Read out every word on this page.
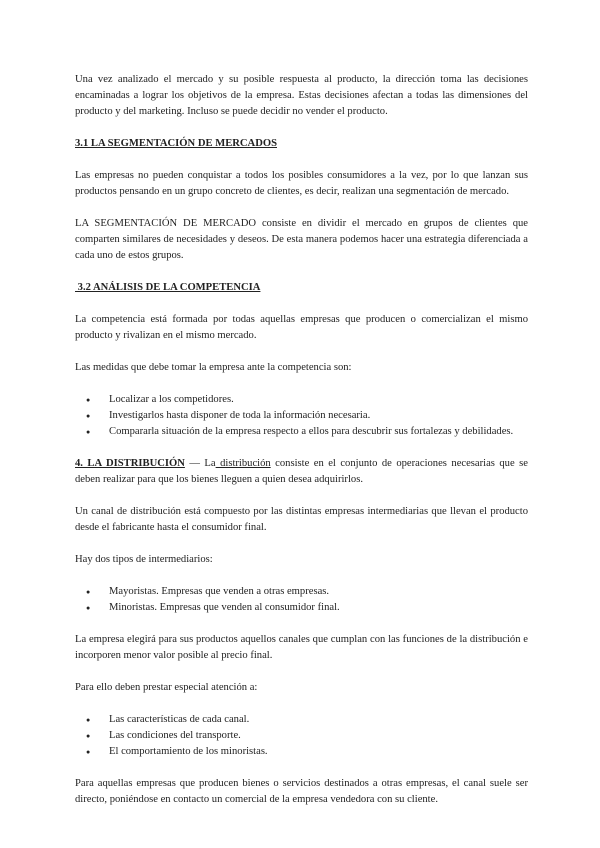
Una vez analizado el mercado y su posible respuesta al producto, la dirección toma las decisiones encaminadas a lograr los objetivos de la empresa. Estas decisiones afectan a todas las dimensiones del producto y del marketing. Incluso se puede decidir no vender el producto.

3.1 LA SEGMENTACIÓN DE MERCADOS

Las empresas no pueden conquistar a todos los posibles consumidores a la vez, por lo que lanzan sus productos pensando en un grupo concreto de clientes, es decir, realizan una segmentación de mercado.

LA SEGMENTACIÓN DE MERCADO consiste en dividir el mercado en grupos de clientes que comparten similares de necesidades y deseos. De esta manera podemos hacer una estrategia diferenciada a cada uno de estos grupos.

3.2 ANÁLISIS DE LA COMPETENCIA

La competencia está formada por todas aquellas empresas que producen o comercializan el mismo producto y rivalizan en el mismo mercado.

Las medidas que debe tomar la empresa ante la competencia son:

● Localizar a los competidores.
● Investigarlos hasta disponer de toda la información necesaria.
● Compararla situación de la empresa respecto a ellos para descubrir sus fortalezas y debilidades.

4. LA DISTRIBUCIÓN — La distribución consiste en el conjunto de operaciones necesarias que se deben realizar para que los bienes lleguen a quien desea adquirirlos.

Un canal de distribución está compuesto por las distintas empresas intermediarias que llevan el producto desde el fabricante hasta el consumidor final.

Hay dos tipos de intermediarios:

● Mayoristas. Empresas que venden a otras empresas.
● Minoristas. Empresas que venden al consumidor final.

La empresa elegirá para sus productos aquellos canales que cumplan con las funciones de la distribución e incorporen menor valor posible al precio final.

Para ello deben prestar especial atención a:

● Las características de cada canal.
● Las condiciones del transporte.
● El comportamiento de los minoristas.

Para aquellas empresas que producen bienes o servicios destinados a otras empresas, el canal suele ser directo, poniéndose en contacto un comercial de la empresa vendedora con su cliente.
